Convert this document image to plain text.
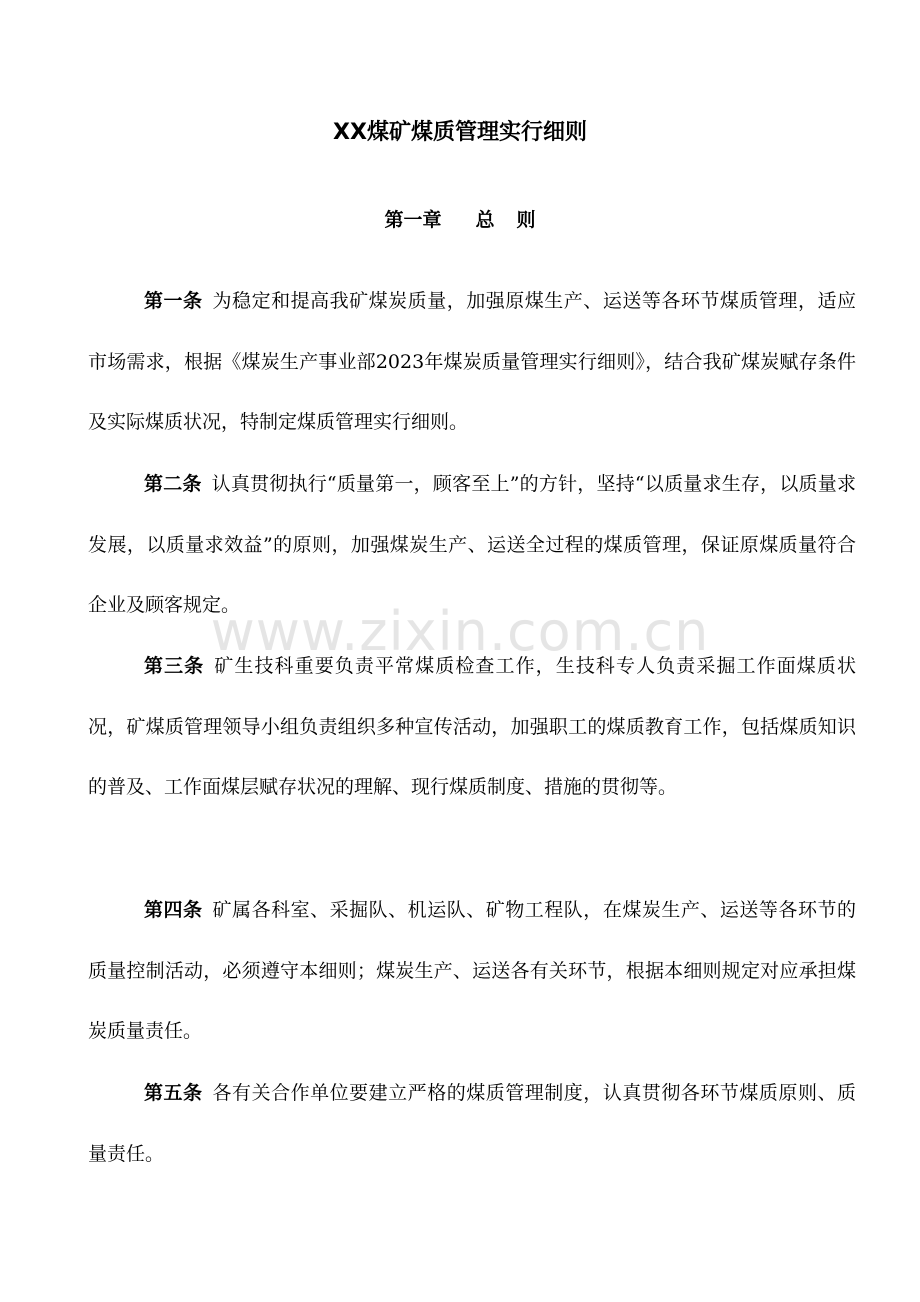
XX煤矿煤质管理实行细则
第一章 总 则
www.zixin.com.cn

第一条 为稳定和提高我矿煤炭质量，加强原煤生产、运送等各环节煤质管理，适应市场需求，根据《煤炭生产事业部2023年煤炭质量管理实行细则》，结合我矿煤炭赋存条件及实际煤质状况，特制定煤质管理实行细则。

第二条 认真贯彻执行“质量第一，顾客至上”的方针，坚持“以质量求生存，以质量求发展，以质量求效益”的原则，加强煤炭生产、运送全过程的煤质管理，保证原煤质量符合企业及顾客规定。

第三条 矿生技科重要负责平常煤质检查工作，生技科专人负责采掘工作面煤质状况，矿煤质管理领导小组负责组织多种宣传活动，加强职工的煤质教育工作，包括煤质知识的普及、工作面煤层赋存状况的理解、现行煤质制度、措施的贯彻等。

第四条 矿属各科室、采掘队、机运队、矿物工程队，在煤炭生产、运送等各环节的质量控制活动，必须遵守本细则；煤炭生产、运送各有关环节，根据本细则规定对应承担煤炭质量责任。

第五条 各有关合作单位要建立严格的煤质管理制度，认真贯彻各环节煤质原则、质量责任。
